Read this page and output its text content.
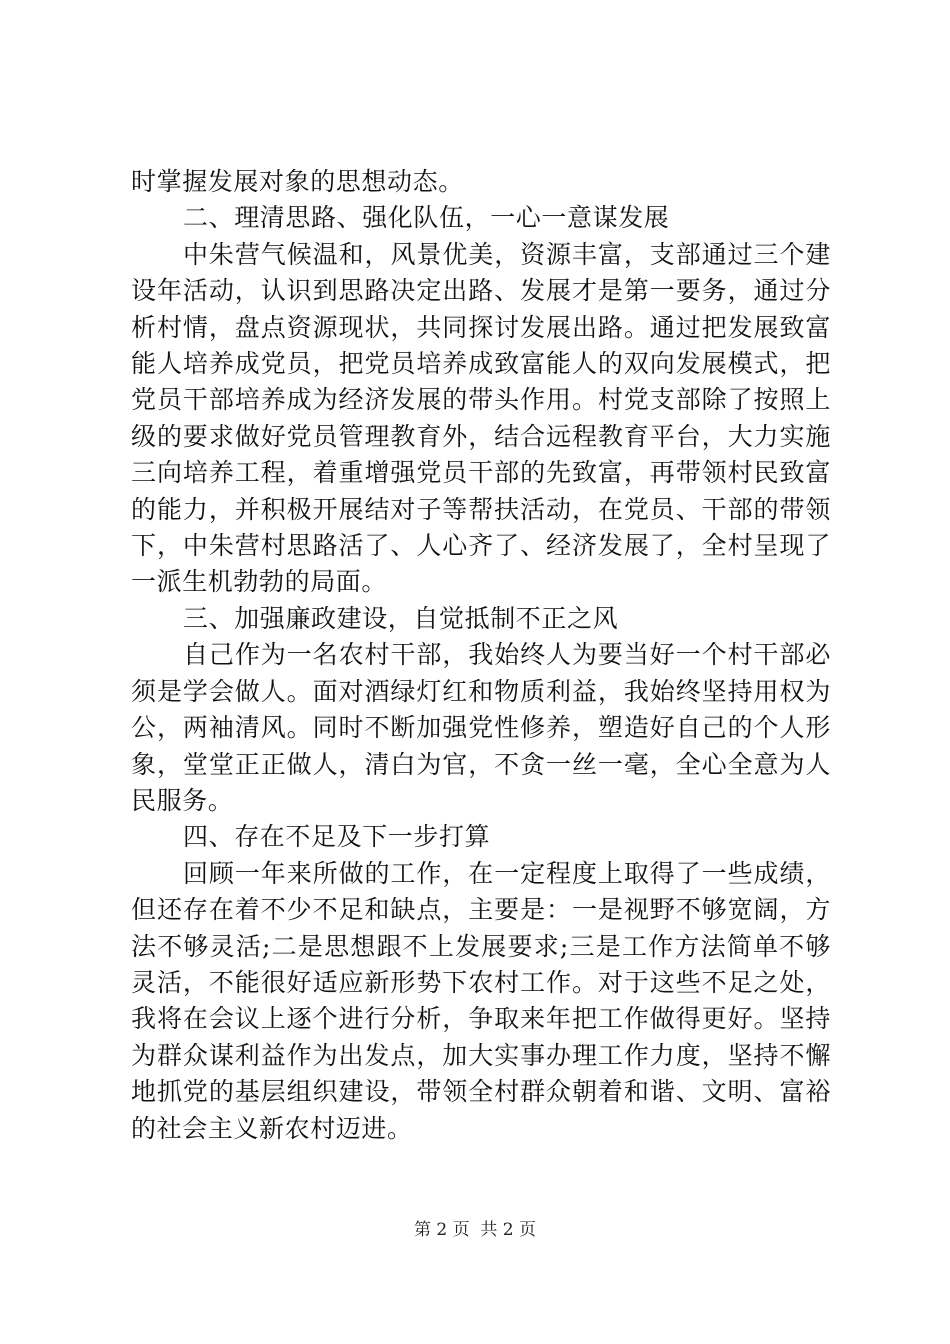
时掌握发展对象的思想动态。

二、理清思路、强化队伍，一心一意谋发展

中朱营气候温和，风景优美，资源丰富，支部通过三个建设年活动，认识到思路决定出路、发展才是第一要务，通过分析村情，盘点资源现状，共同探讨发展出路。通过把发展致富能人培养成党员，把党员培养成致富能人的双向发展模式，把党员干部培养成为经济发展的带头作用。村党支部除了按照上级的要求做好党员管理教育外，结合远程教育平台，大力实施三向培养工程，着重增强党员干部的先致富，再带领村民致富的能力，并积极开展结对子等帮扶活动，在党员、干部的带领下，中朱营村思路活了、人心齐了、经济发展了，全村呈现了一派生机勃勃的局面。

三、加强廉政建设，自觉抵制不正之风

自己作为一名农村干部，我始终人为要当好一个村干部必须是学会做人。面对酒绿灯红和物质利益，我始终坚持用权为公，两袖清风。同时不断加强党性修养，塑造好自己的个人形象，堂堂正正做人，清白为官，不贪一丝一毫，全心全意为人民服务。

四、存在不足及下一步打算

回顾一年来所做的工作，在一定程度上取得了一些成绩，但还存在着不少不足和缺点，主要是：一是视野不够宽阔，方法不够灵活;二是思想跟不上发展要求;三是工作方法简单不够灵活，不能很好适应新形势下农村工作。对于这些不足之处，我将在会议上逐个进行分析，争取来年把工作做得更好。坚持为群众谋利益作为出发点，加大实事办理工作力度，坚持不懈地抓党的基层组织建设，带领全村群众朝着和谐、文明、富裕的社会主义新农村迈进。

第 2 页  共 2 页
